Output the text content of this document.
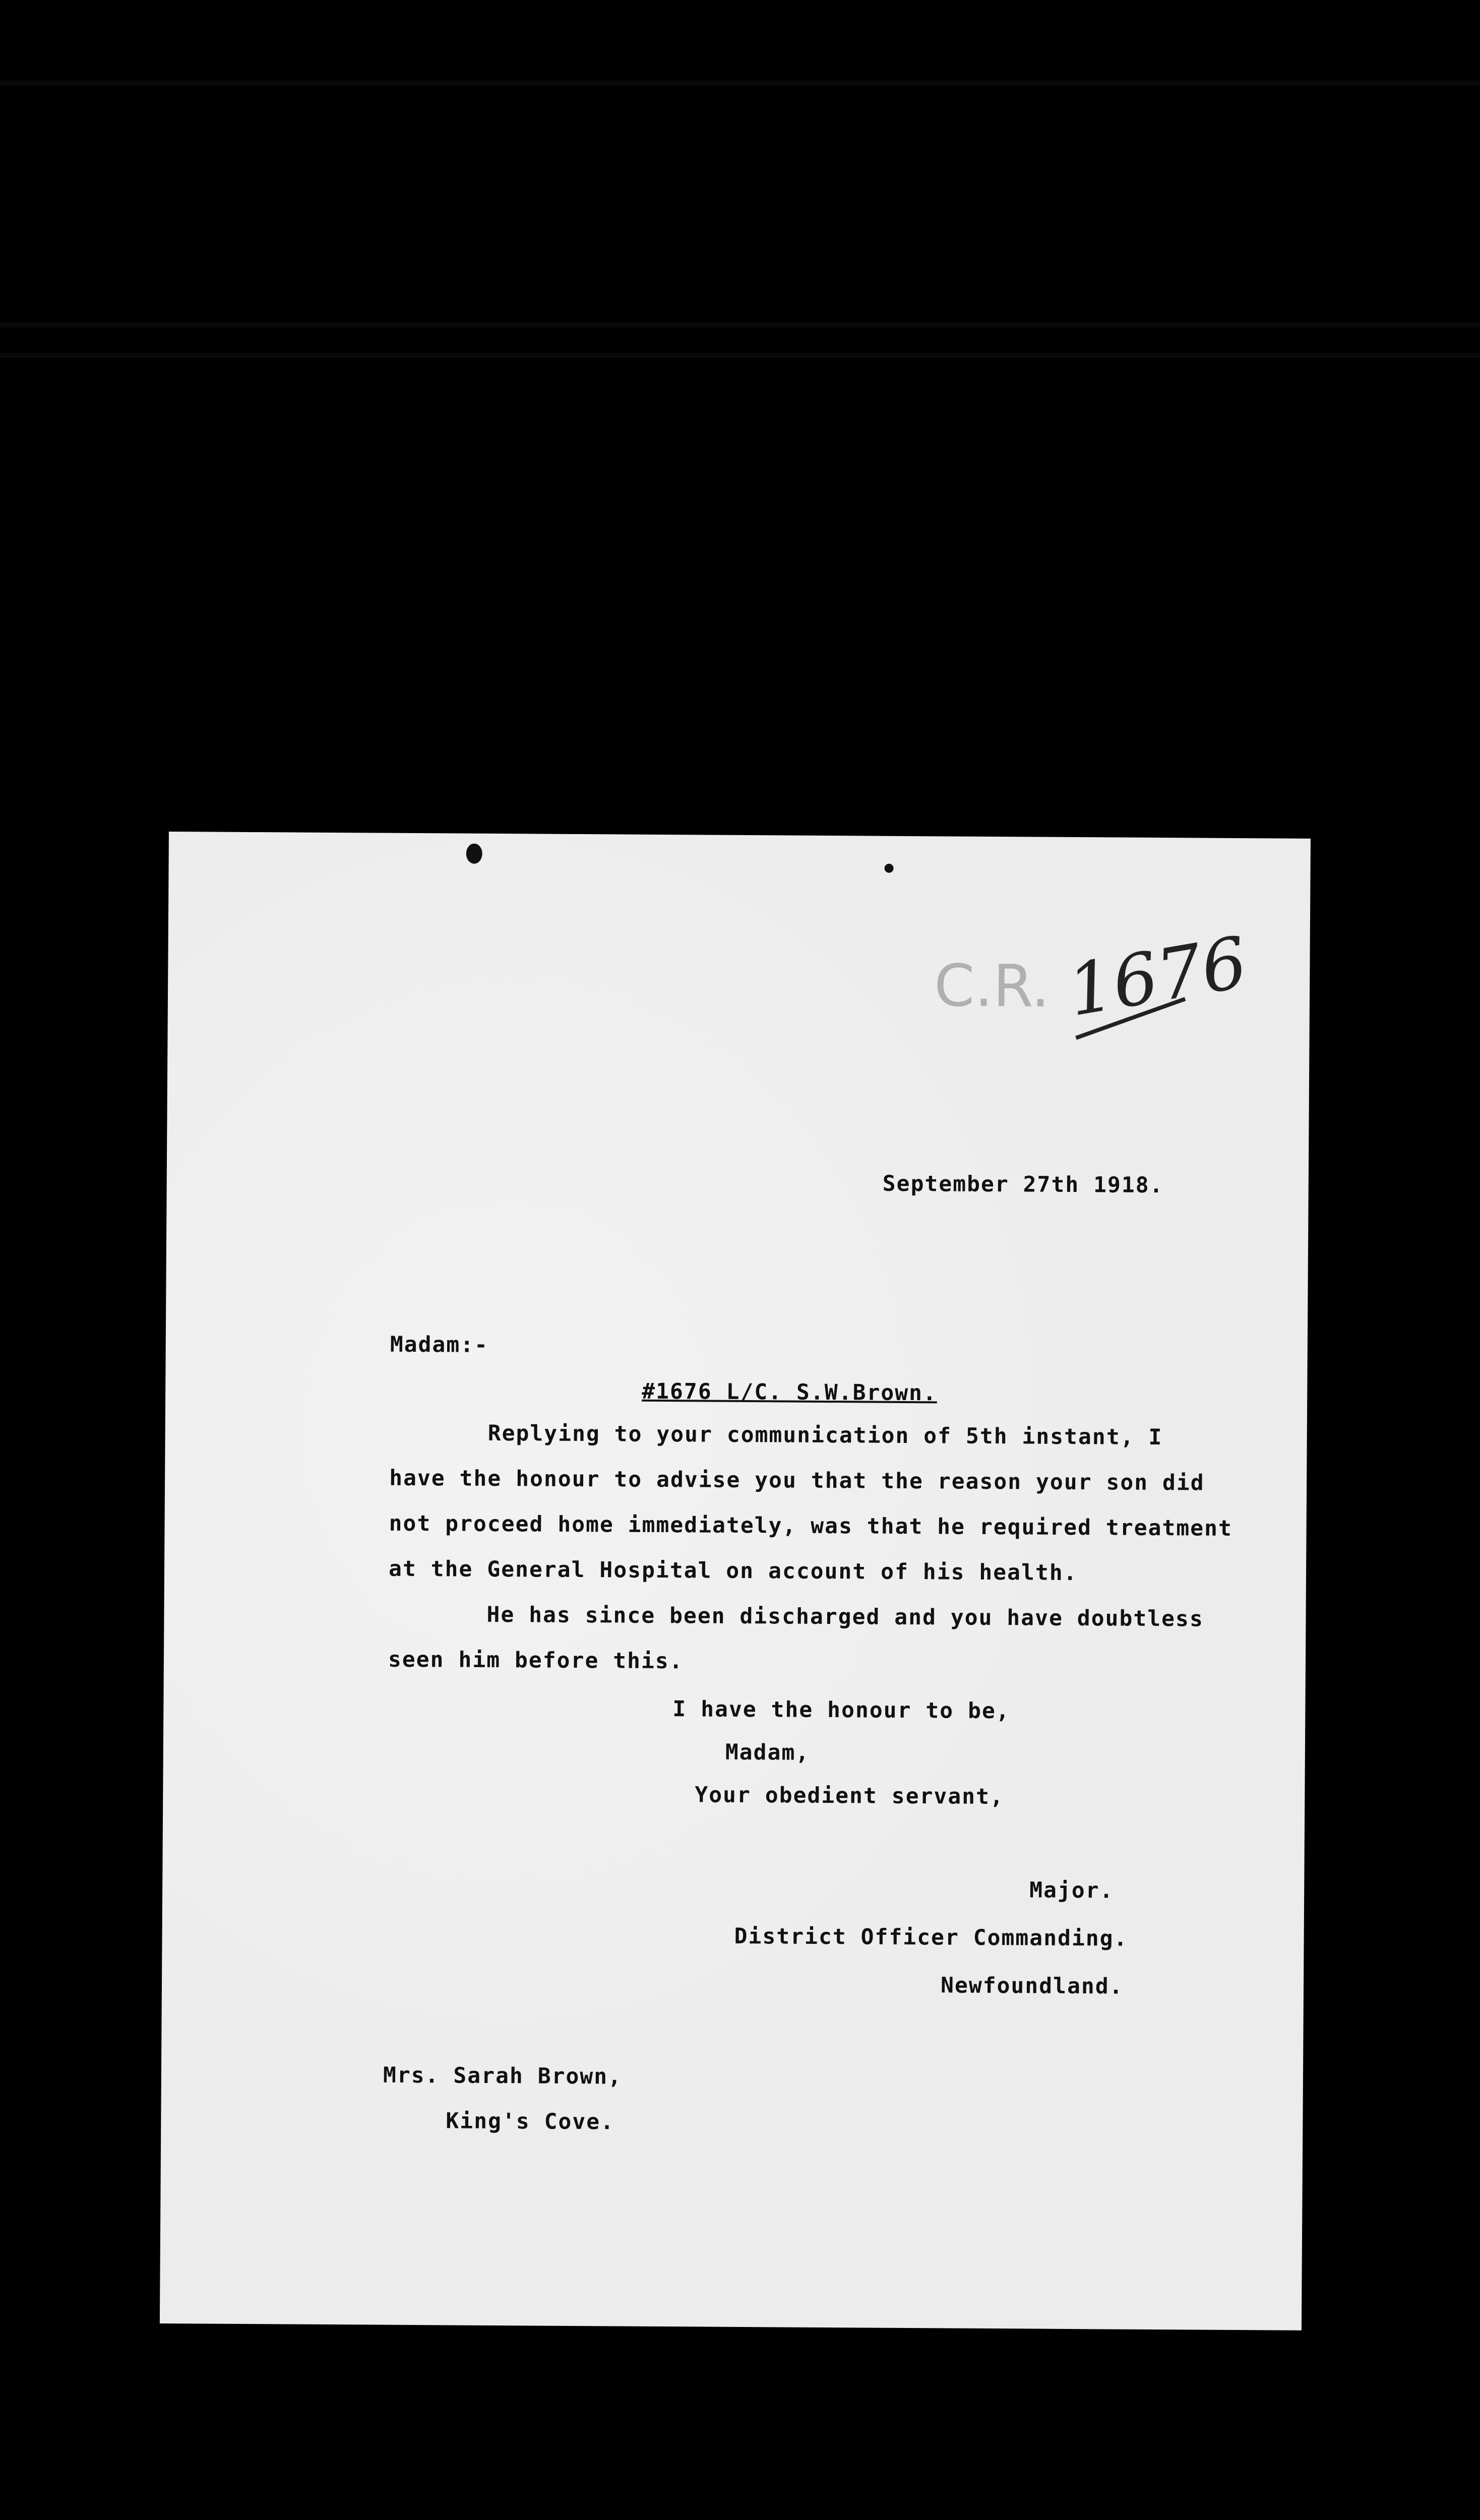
C.R. 1676
September 27th 1918.
Madam:-
#1676 L/C. S.W.Brown.
Replying to your communication of 5th instant, I
have the honour to advise you that the reason your son did
not proceed home immediately, was that he required treatment
at the General Hospital on account of his health.
He has since been discharged and you have doubtless
seen him before this.
I have the honour to be,
Madam,
Your obedient servant,
Major.
District Officer Commanding.
Newfoundland.
Mrs. Sarah Brown,
King's Cove.
